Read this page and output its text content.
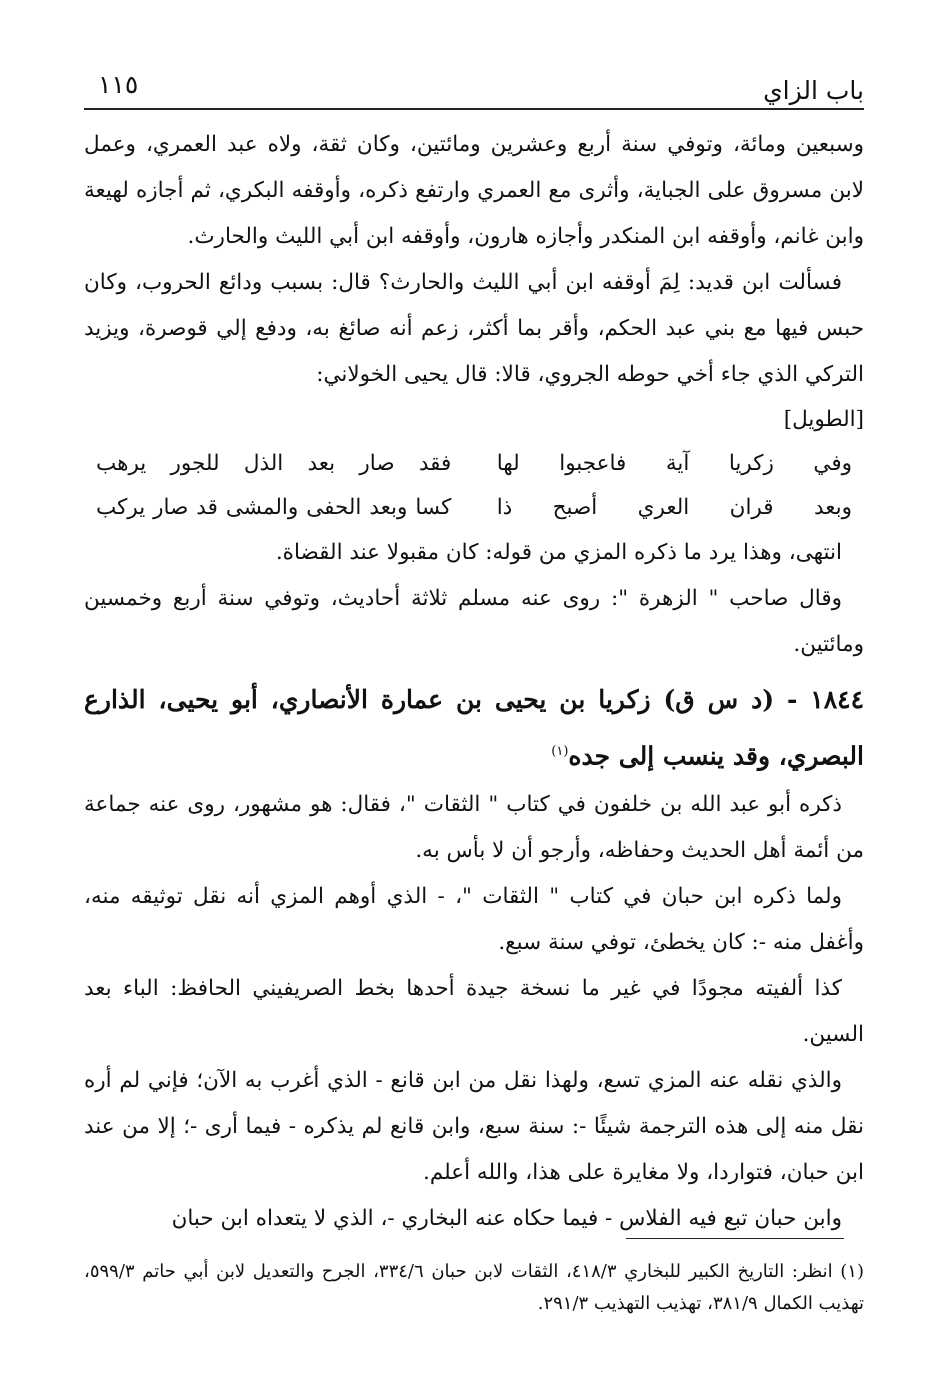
باب الزاي
١١٥

وسبعين ومائة، وتوفي سنة أربع وعشرين ومائتين، وكان ثقة، ولاه عبد العمري، وعمل لابن مسروق على الجباية، وأثرى مع العمري وارتفع ذكره، وأوقفه البكري، ثم أجازه لهيعة وابن غانم، وأوقفه ابن المنكدر وأجازه هارون، وأوقفه ابن أبي الليث والحارث.

فسألت ابن قديد: لِمَ أوقفه ابن أبي الليث والحارث؟ قال: بسبب ودائع الحروب، وكان حبس فيها مع بني عبد الحكم، وأقر بما أكثر، زعم أنه صائغ به، ودفع إلي قوصرة، ويزيد التركي الذي جاء أخي حوطه الجروي، قالا: قال يحيى الخولاني:

[الطويل]

وفي زكريا آية فاعجبوا لها
فقد صار بعد الذل للجور يرهب
وبعد قران العري أصبح ذا
كسا وبعد الحفى والمشى قد صار يركب

انتهى، وهذا يرد ما ذكره المزي من قوله: كان مقبولا عند القضاة.

وقال صاحب " الزهرة ": روى عنه مسلم ثلاثة أحاديث، وتوفي سنة أربع وخمسين ومائتين.

١٨٤٤ - (د س ق) زكريا بن يحيى بن عمارة الأنصاري، أبو يحيى، الذارع البصري، وقد ينسب إلى جده$^{(١)}$

ذكره أبو عبد الله بن خلفون في كتاب " الثقات "، فقال: هو مشهور، روى عنه جماعة من أئمة أهل الحديث وحفاظه، وأرجو أن لا بأس به.

ولما ذكره ابن حبان في كتاب " الثقات "، - الذي أوهم المزي أنه نقل توثيقه منه، وأغفل منه -: كان يخطئ، توفي سنة سبع.

كذا ألفيته مجودًا في غير ما نسخة جيدة أحدها بخط الصريفيني الحافظ: الباء بعد السين.

والذي نقله عنه المزي تسع، ولهذا نقل من ابن قانع - الذي أغرب به الآن؛ فإني لم أره نقل منه إلى هذه الترجمة شيئًا -: سنة سبع، وابن قانع لم يذكره - فيما أرى -؛ إلا من عند ابن حبان، فتواردا، ولا مغايرة على هذا، والله أعلم.

وابن حبان تبع فيه الفلاس - فيما حكاه عنه البخاري -، الذي لا يتعداه ابن حبان

(١) انظر: التاريخ الكبير للبخاري ٤١٨/٣، الثقات لابن حبان ٣٣٤/٦، الجرح والتعديل لابن أبي حاتم ٥٩٩/٣، تهذيب الكمال ٣٨١/٩، تهذيب التهذيب ٢٩١/٣.
